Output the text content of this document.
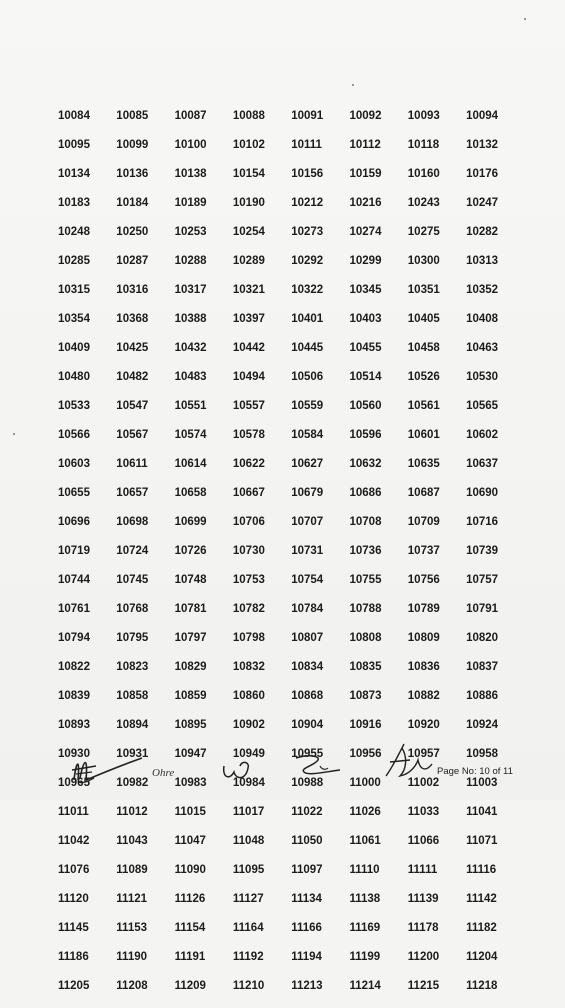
10084	10085	10087	10088	10091	10092	10093	10094
10095	10099	10100	10102	10111	10112	10118	10132
10134	10136	10138	10154	10156	10159	10160	10176
10183	10184	10189	10190	10212	10216	10243	10247
10248	10250	10253	10254	10273	10274	10275	10282
10285	10287	10288	10289	10292	10299	10300	10313
10315	10316	10317	10321	10322	10345	10351	10352
10354	10368	10388	10397	10401	10403	10405	10408
10409	10425	10432	10442	10445	10455	10458	10463
10480	10482	10483	10494	10506	10514	10526	10530
10533	10547	10551	10557	10559	10560	10561	10565
10566	10567	10574	10578	10584	10596	10601	10602
10603	10611	10614	10622	10627	10632	10635	10637
10655	10657	10658	10667	10679	10686	10687	10690
10696	10698	10699	10706	10707	10708	10709	10716
10719	10724	10726	10730	10731	10736	10737	10739
10744	10745	10748	10753	10754	10755	10756	10757
10761	10768	10781	10782	10784	10788	10789	10791
10794	10795	10797	10798	10807	10808	10809	10820
10822	10823	10829	10832	10834	10835	10836	10837
10839	10858	10859	10860	10868	10873	10882	10886
10893	10894	10895	10902	10904	10916	10920	10924
10930	10931	10947	10949	10955	10956	10957	10958
10965	10982	10983	10984	10988	11000	11002	11003
11011	11012	11015	11017	11022	11026	11033	11041
11042	11043	11047	11048	11050	11061	11066	11071
11076	11089	11090	11095	11097	11110	11111	11116
11120	11121	11126	11127	11134	11138	11139	11142
11145	11153	11154	11164	11166	11169	11178	11182
11186	11190	11191	11192	11194	11199	11200	11204
11205	11208	11209	11210	11213	11214	11215	11218
Ohre	Page No: 10 of 11
